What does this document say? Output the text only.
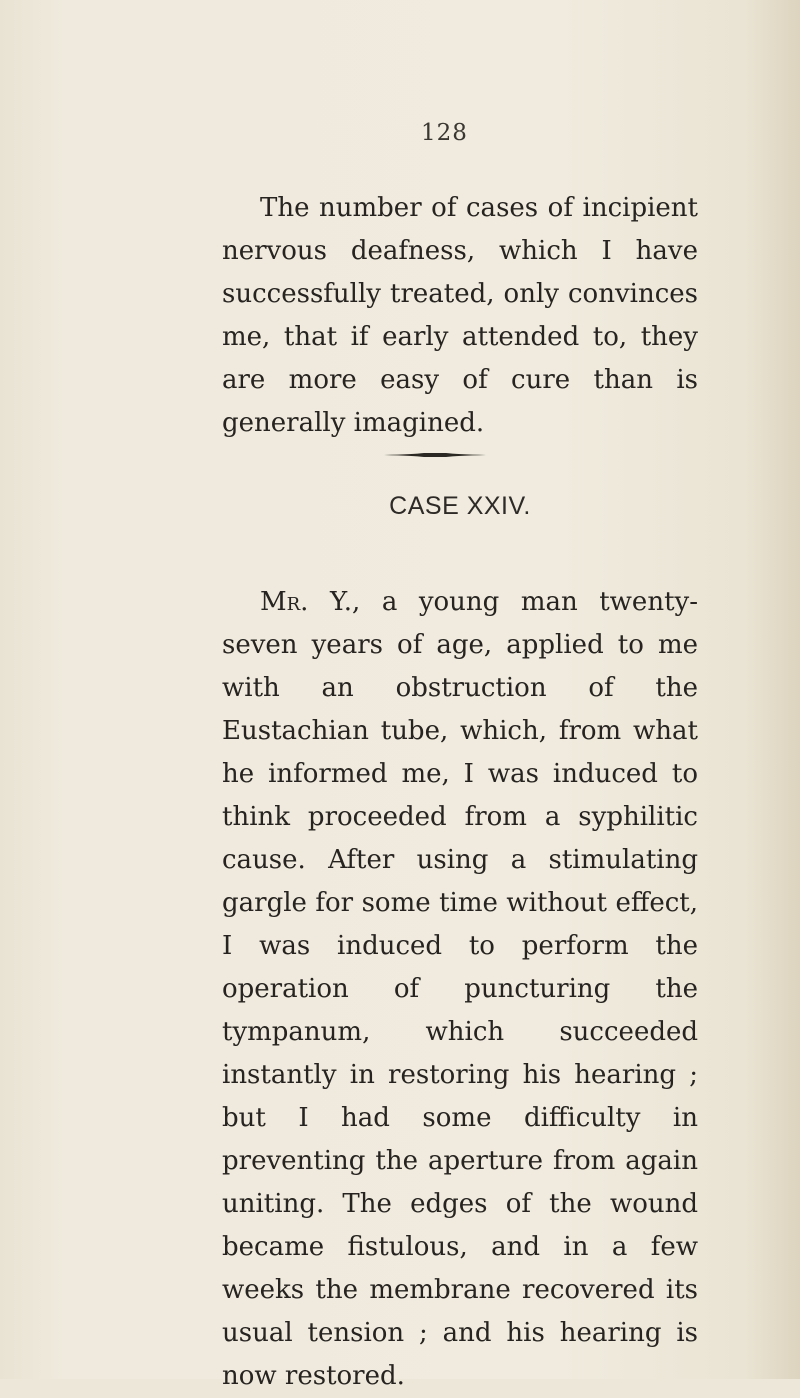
128

The number of cases of incipient nervous deafness, which I have successfully treated, only convinces me, that if early attended to, they are more easy of cure than is generally imagined.

CASE XXIV.

Mr. Y., a young man twenty-seven years of age, applied to me with an obstruction of the Eustachian tube, which, from what he informed me, I was induced to think proceeded from a syphilitic cause. After using a stimulating gargle for some time without effect, I was induced to perform the operation of puncturing the tympanum, which succeeded instantly in restoring his hearing ; but I had some difficulty in preventing the aperture from again uniting. The edges of the wound became fistulous, and in a few weeks the membrane recovered its usual tension ; and his hearing is now restored.
